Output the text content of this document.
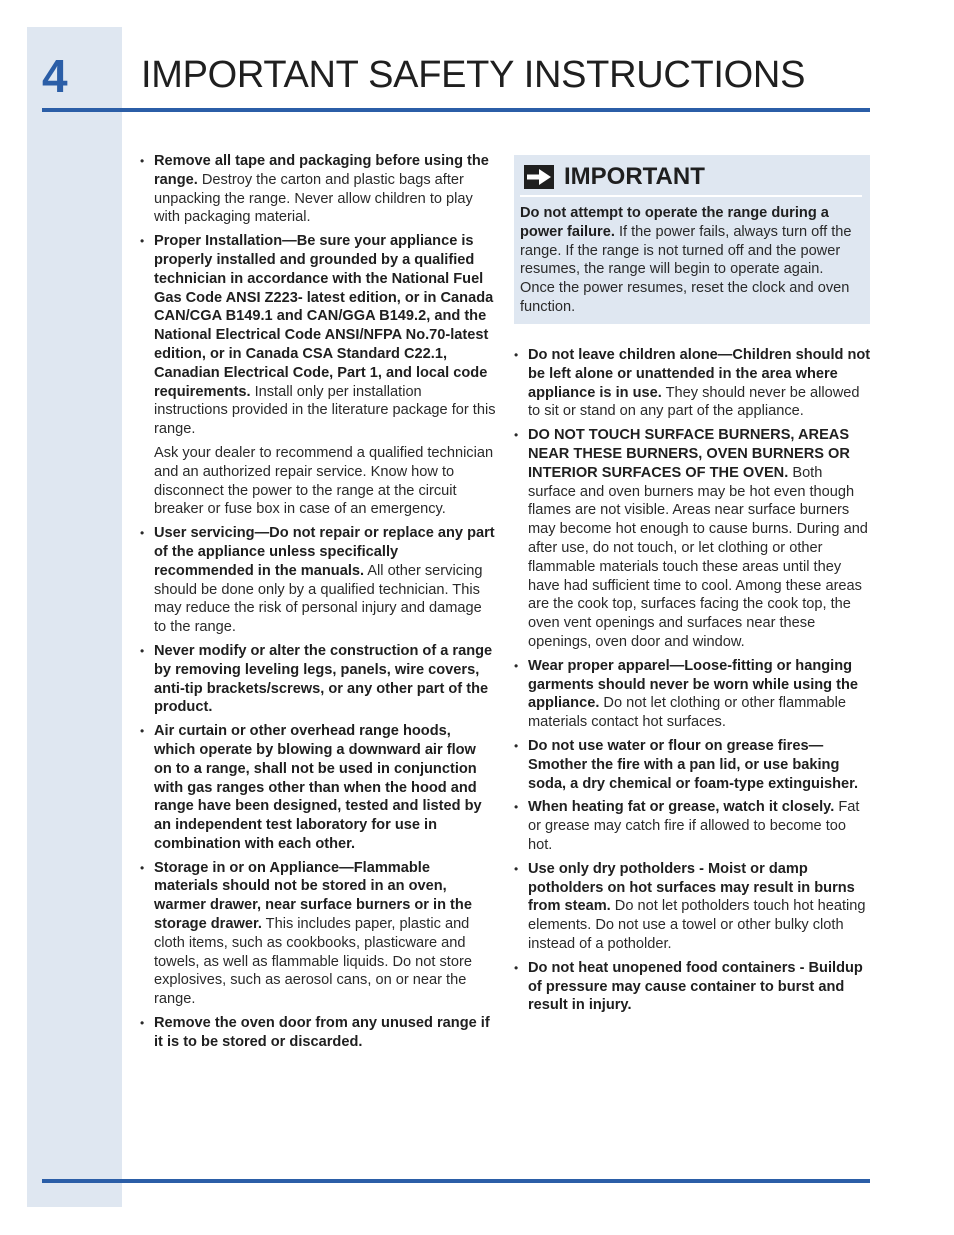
4 IMPORTANT SAFETY INSTRUCTIONS
• Remove all tape and packaging before using the range. Destroy the carton and plastic bags after unpacking the range. Never allow children to play with packaging material.
• Proper Installation—Be sure your appliance is properly installed and grounded by a qualified technician in accordance with the National Fuel Gas Code ANSI Z223- latest edition, or in Canada CAN/CGA B149.1 and CAN/GGA B149.2, and the National Electrical Code ANSI/NFPA No.70-latest edition, or in Canada CSA Standard C22.1, Canadian Electrical Code, Part 1, and local code requirements. Install only per installation instructions provided in the literature package for this range.
Ask your dealer to recommend a qualified technician and an authorized repair service. Know how to disconnect the power to the range at the circuit breaker or fuse box in case of an emergency.
• User servicing—Do not repair or replace any part of the appliance unless specifically recommended in the manuals. All other servicing should be done only by a qualified technician. This may reduce the risk of personal injury and damage to the range.
• Never modify or alter the construction of a range by removing leveling legs, panels, wire covers, anti-tip brackets/screws, or any other part of the product.
• Air curtain or other overhead range hoods, which operate by blowing a downward air flow on to a range, shall not be used in conjunction with gas ranges other than when the hood and range have been designed, tested and listed by an independent test laboratory for use in combination with each other.
• Storage in or on Appliance—Flammable materials should not be stored in an oven, warmer drawer, near surface burners or in the storage drawer. This includes paper, plastic and cloth items, such as cookbooks, plasticware and towels, as well as flammable liquids. Do not store explosives, such as aerosol cans, on or near the range.
• Remove the oven door from any unused range if it is to be stored or discarded.
IMPORTANT

Do not attempt to operate the range during a power failure. If the power fails, always turn off the range. If the range is not turned off and the power resumes, the range will begin to operate again. Once the power resumes, reset the clock and oven function.

• Do not leave children alone—Children should not be left alone or unattended in the area where appliance is in use. They should never be allowed to sit or stand on any part of the appliance.
• DO NOT TOUCH SURFACE BURNERS, AREAS NEAR THESE BURNERS, OVEN BURNERS OR INTERIOR SURFACES OF THE OVEN. Both surface and oven burners may be hot even though flames are not visible. Areas near surface burners may become hot enough to cause burns. During and after use, do not touch, or let clothing or other flammable materials touch these areas until they have had sufficient time to cool. Among these areas are the cook top, surfaces facing the cook top, the oven vent openings and surfaces near these openings, oven door and window.
• Wear proper apparel—Loose-fitting or hanging garments should never be worn while using the appliance. Do not let clothing or other flammable materials contact hot surfaces.
• Do not use water or flour on grease fires—Smother the fire with a pan lid, or use baking soda, a dry chemical or foam-type extinguisher.
• When heating fat or grease, watch it closely. Fat or grease may catch fire if allowed to become too hot.
• Use only dry potholders - Moist or damp potholders on hot surfaces may result in burns from steam. Do not let potholders touch hot heating elements. Do not use a towel or other bulky cloth instead of a potholder.
• Do not heat unopened food containers - Buildup of pressure may cause container to burst and result in injury.
